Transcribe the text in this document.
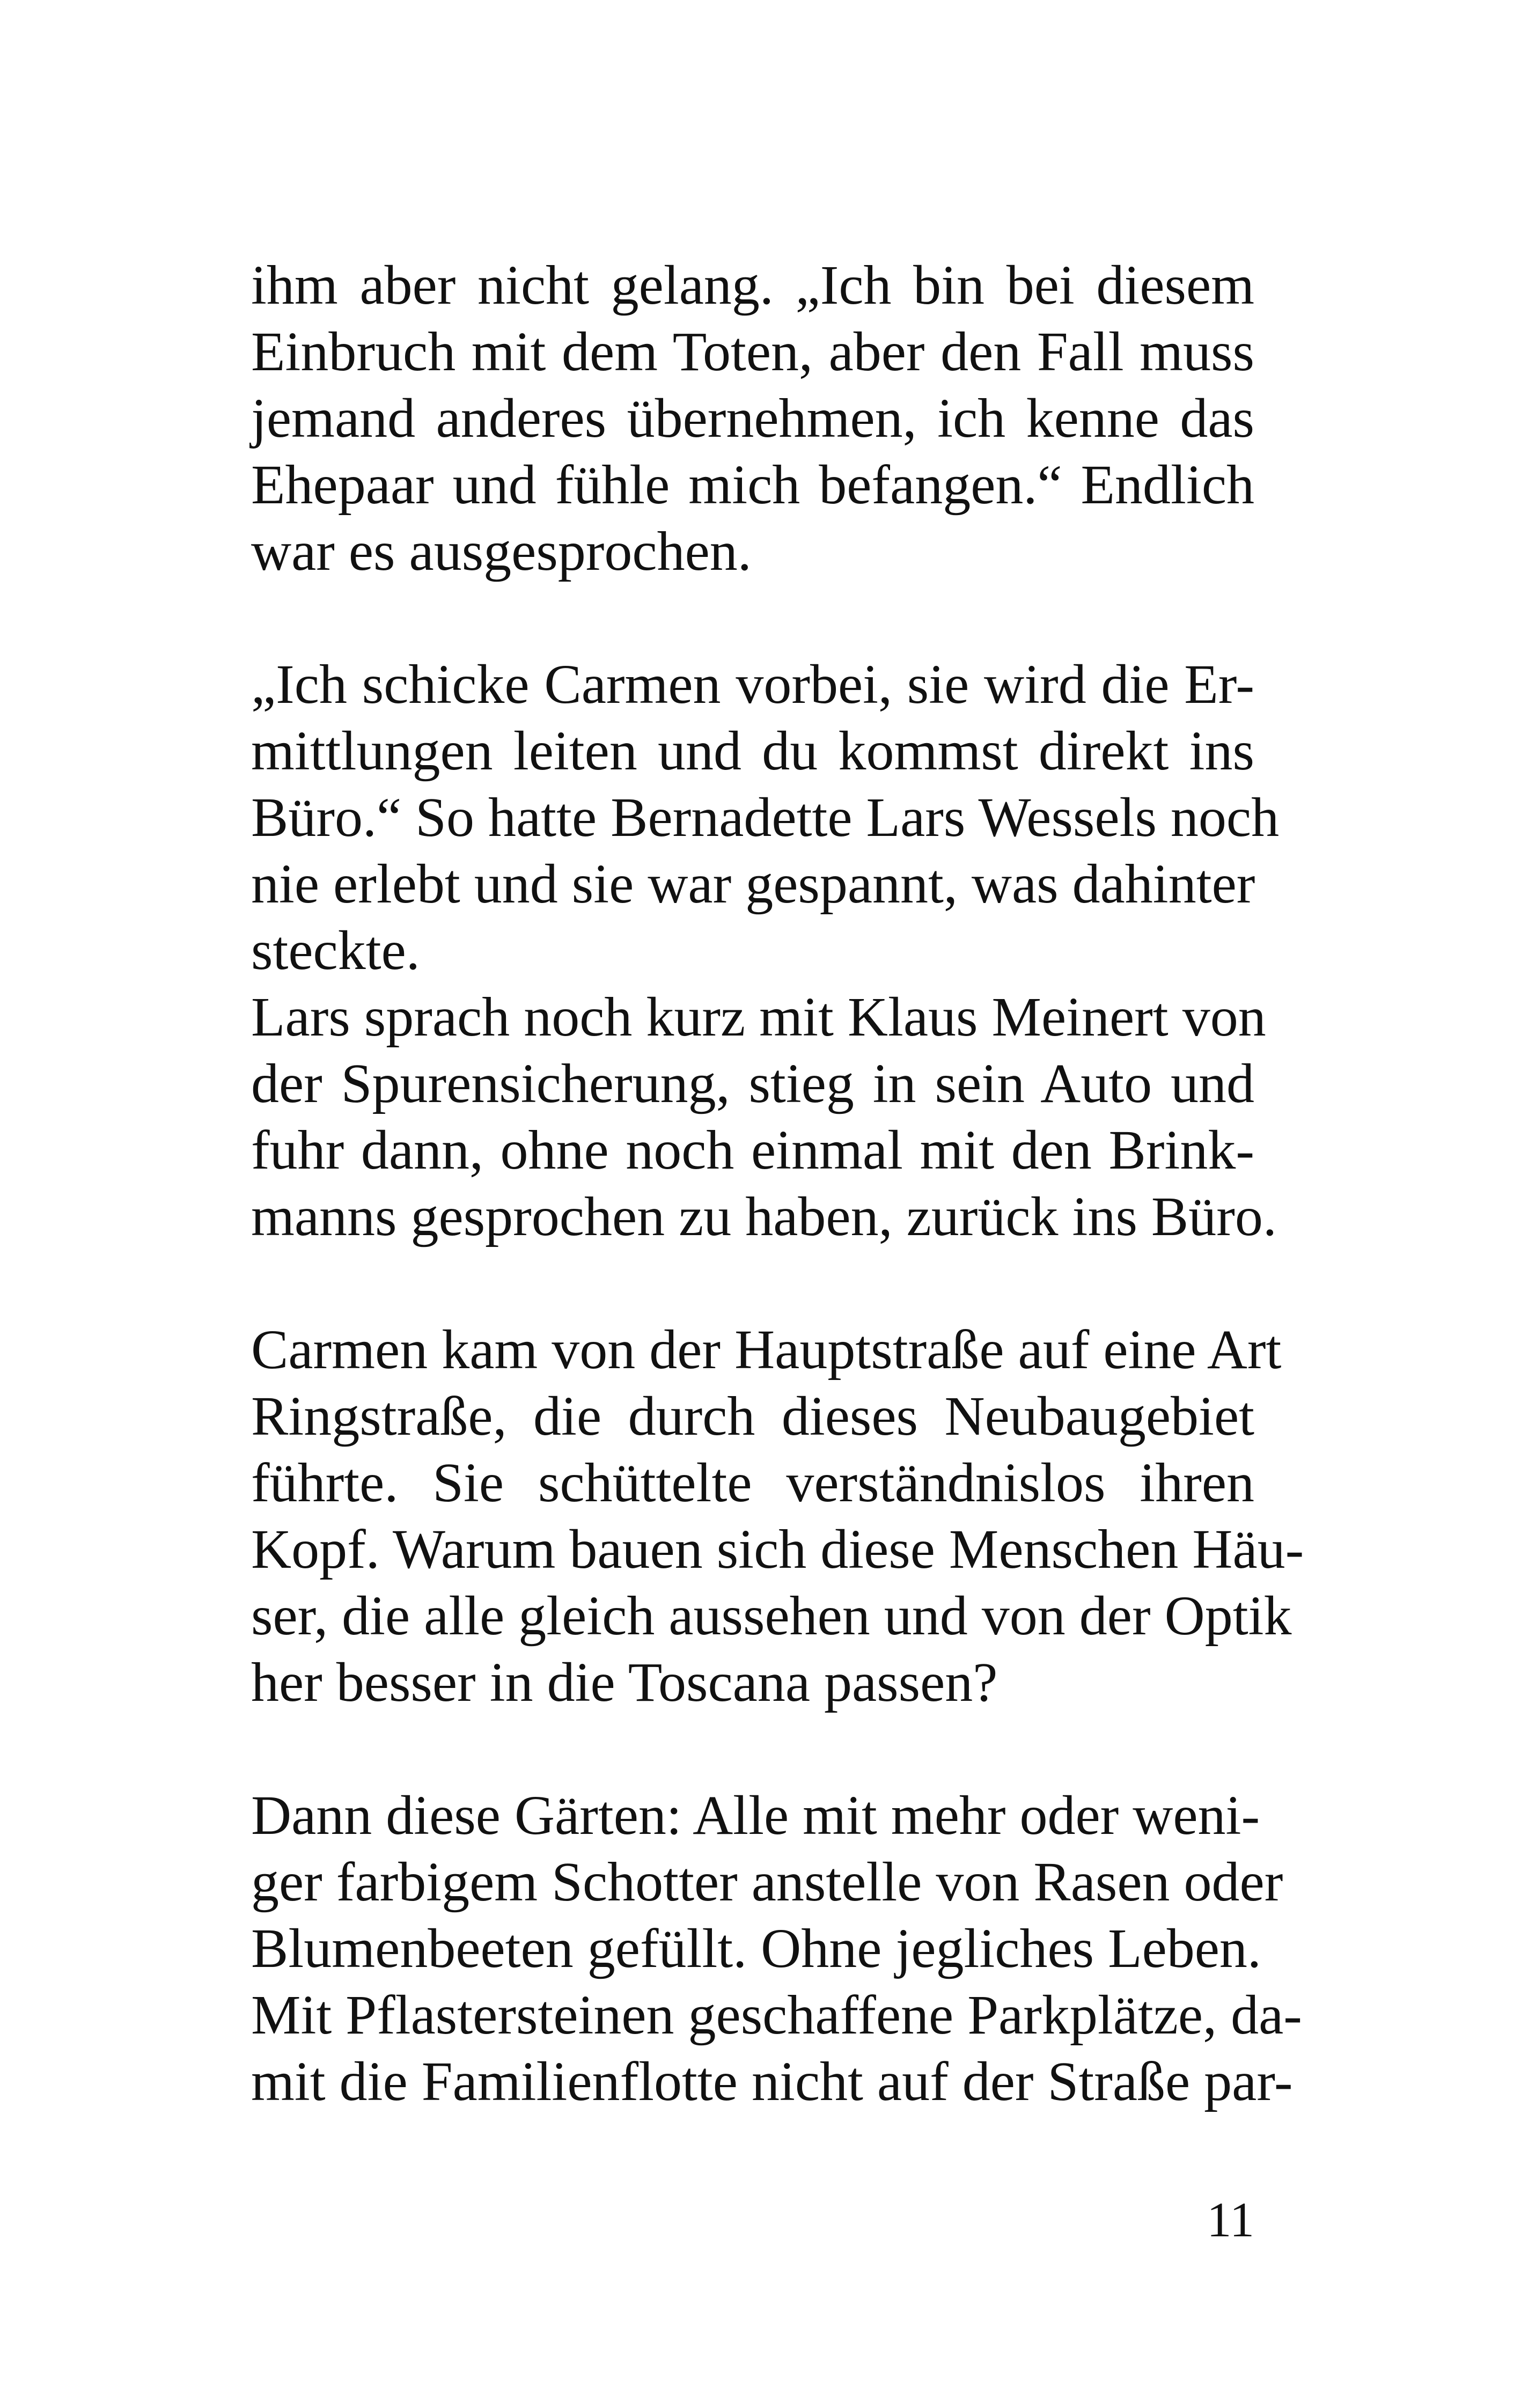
ihm aber nicht gelang. „Ich bin bei diesem
Einbruch mit dem Toten, aber den Fall muss
jemand anderes übernehmen, ich kenne das
Ehepaar und fühle mich befangen.“ Endlich
war es ausgesprochen.
„Ich schicke Carmen vorbei, sie wird die Er-
mittlungen leiten und du kommst direkt ins
Büro.“ So hatte Bernadette Lars Wessels noch
nie erlebt und sie war gespannt, was dahinter
steckte.
Lars sprach noch kurz mit Klaus Meinert von
der Spurensicherung, stieg in sein Auto und
fuhr dann, ohne noch einmal mit den Brink-
manns gesprochen zu haben, zurück ins Büro.
Carmen kam von der Hauptstraße auf eine Art
Ringstraße, die durch dieses Neubaugebiet
führte. Sie schüttelte verständnislos ihren
Kopf. Warum bauen sich diese Menschen Häu-
ser, die alle gleich aussehen und von der Optik
her besser in die Toscana passen?
Dann diese Gärten: Alle mit mehr oder weni-
ger farbigem Schotter anstelle von Rasen oder
Blumenbeeten gefüllt. Ohne jegliches Leben.
Mit Pflastersteinen geschaffene Parkplätze, da-
mit die Familienflotte nicht auf der Straße par-
11
